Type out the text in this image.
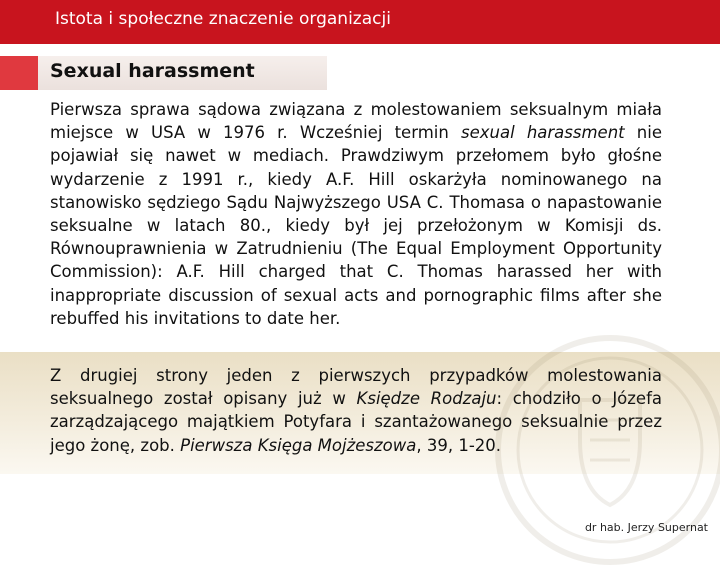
Istota i społeczne znaczenie organizacji
Sexual harassment
Pierwsza sprawa sądowa związana z molestowaniem seksualnym miała miejsce w USA w 1976 r. Wcześniej termin sexual harassment nie pojawiał się nawet w mediach. Prawdziwym przełomem było głośne wydarzenie z 1991 r., kiedy A.F. Hill oskarżyła nominowanego na stanowisko sędziego Sądu Najwyższego USA C. Thomasa o napastowanie seksualne w latach 80., kiedy był jej przełożonym w Komisji ds. Równouprawnienia w Zatrudnieniu (The Equal Employment Opportunity Commission): A.F. Hill charged that C. Thomas harassed her with inappropriate discussion of sexual acts and pornographic films after she rebuffed his invitations to date her.
Z drugiej strony jeden z pierwszych przypadków molestowania seksualnego został opisany już w Księdze Rodzaju: chodziło o Józefa zarządzającego majątkiem Potyfara i szantażowanego seksualnie przez jego żonę, zob. Pierwsza Księga Mojżeszowa, 39, 1-20.
dr hab. Jerzy Supernat
